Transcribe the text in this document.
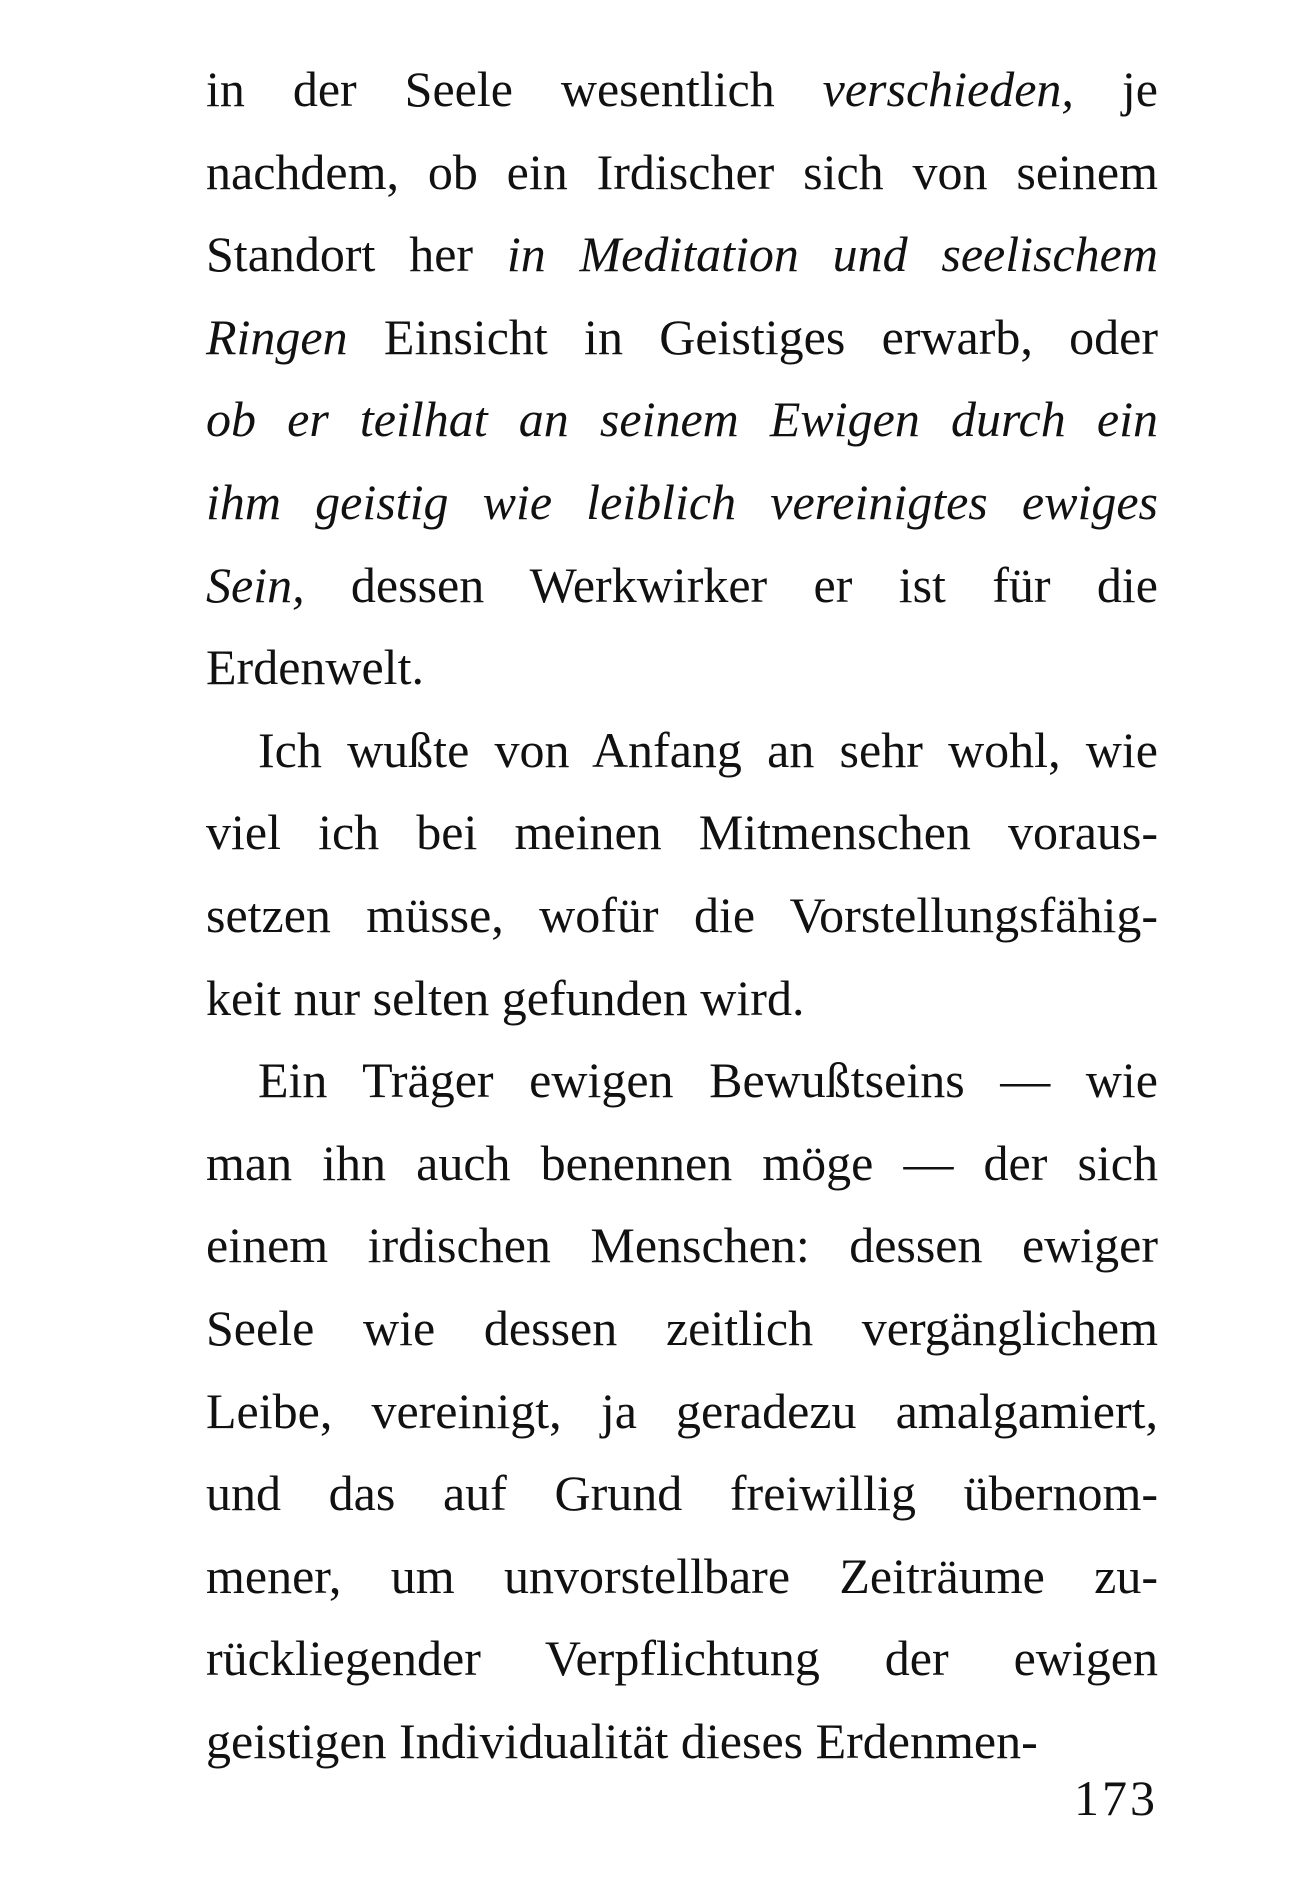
in der Seele wesentlich verschieden, je
nachdem, ob ein Irdischer sich von seinem
Standort her in Meditation und seelischem
Ringen Einsicht in Geistiges erwarb, oder
ob er teilhat an seinem Ewigen durch ein
ihm geistig wie leiblich vereinigtes ewiges
Sein, dessen Werkwirker er ist für die
Erdenwelt.
Ich wußte von Anfang an sehr wohl, wie
viel ich bei meinen Mitmenschen voraus-
setzen müsse, wofür die Vorstellungsfähig-
keit nur selten gefunden wird.
Ein Träger ewigen Bewußtseins — wie
man ihn auch benennen möge — der sich
einem irdischen Menschen: dessen ewiger
Seele wie dessen zeitlich vergänglichem
Leibe, vereinigt, ja geradezu amalgamiert,
und das auf Grund freiwillig übernom-
mener, um unvorstellbare Zeiträume zu-
rückliegender Verpflichtung der ewigen
geistigen Individualität dieses Erdenmen-
173
